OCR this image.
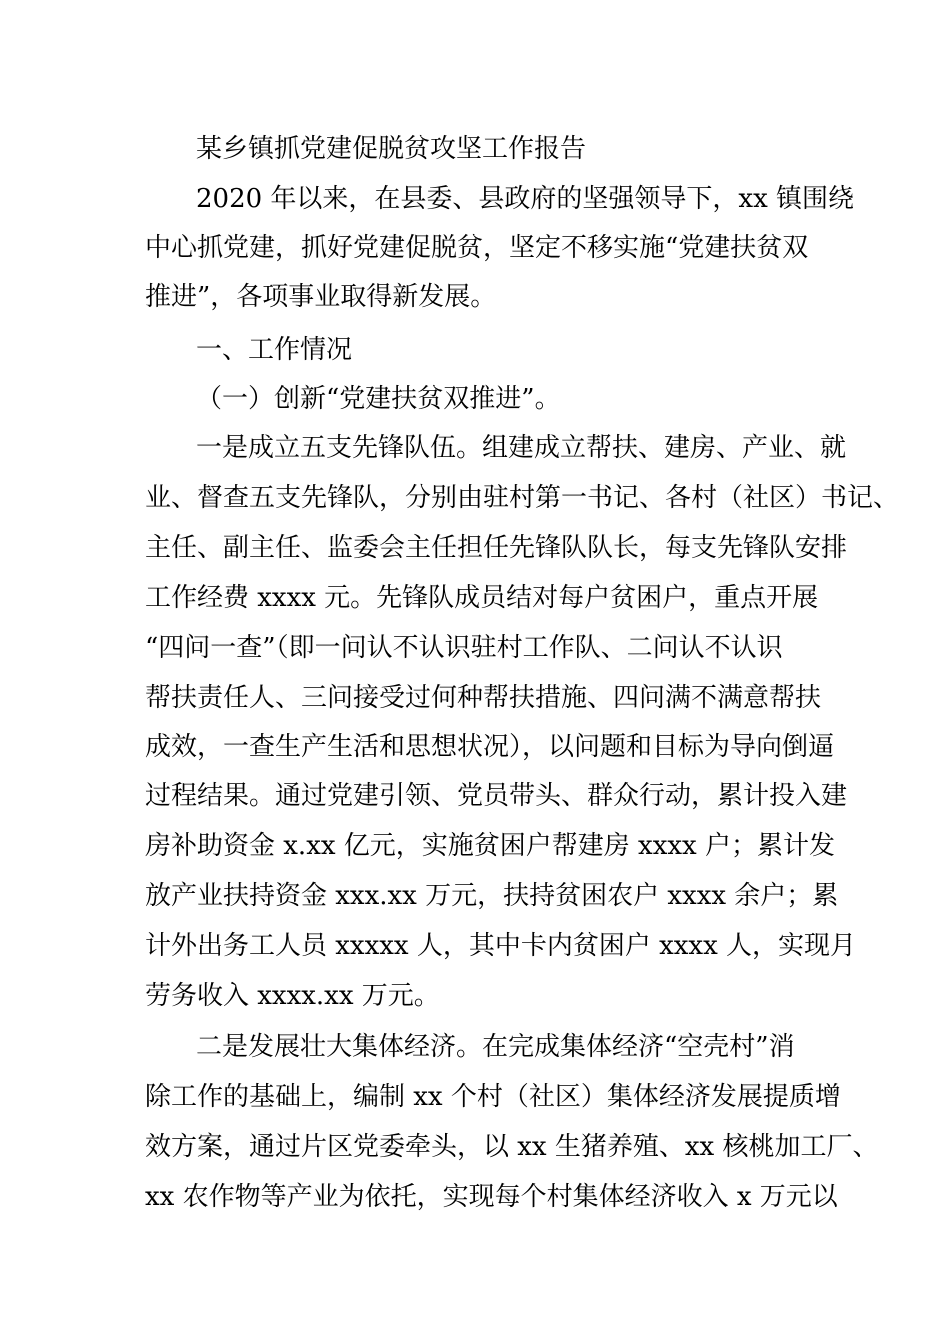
某乡镇抓党建促脱贫攻坚工作报告
2020 年以来，在县委、县政府的坚强领导下，xx 镇围绕
中心抓党建，抓好党建促脱贫，坚定不移实施“党建扶贫双
推进”，各项事业取得新发展。
一、工作情况
（一）创新“党建扶贫双推进”。
一是成立五支先锋队伍。组建成立帮扶、建房、产业、就
业、督查五支先锋队，分别由驻村第一书记、各村（社区）书记、
主任、副主任、监委会主任担任先锋队队长，每支先锋队安排
工作经费 xxxx 元。先锋队成员结对每户贫困户，重点开展
“四问一查”（即一问认不认识驻村工作队、二问认不认识
帮扶责任人、三问接受过何种帮扶措施、四问满不满意帮扶
成效，一查生产生活和思想状况），以问题和目标为导向倒逼
过程结果。通过党建引领、党员带头、群众行动，累计投入建
房补助资金 x.xx 亿元，实施贫困户帮建房 xxxx 户；累计发
放产业扶持资金 xxx.xx 万元，扶持贫困农户 xxxx 余户；累
计外出务工人员 xxxxx 人，其中卡内贫困户 xxxx 人，实现月
劳务收入 xxxx.xx 万元。
二是发展壮大集体经济。在完成集体经济“空壳村”消
除工作的基础上，编制 xx 个村（社区）集体经济发展提质增
效方案，通过片区党委牵头，以 xx 生猪养殖、xx 核桃加工厂、
xx 农作物等产业为依托，实现每个村集体经济收入 x 万元以
